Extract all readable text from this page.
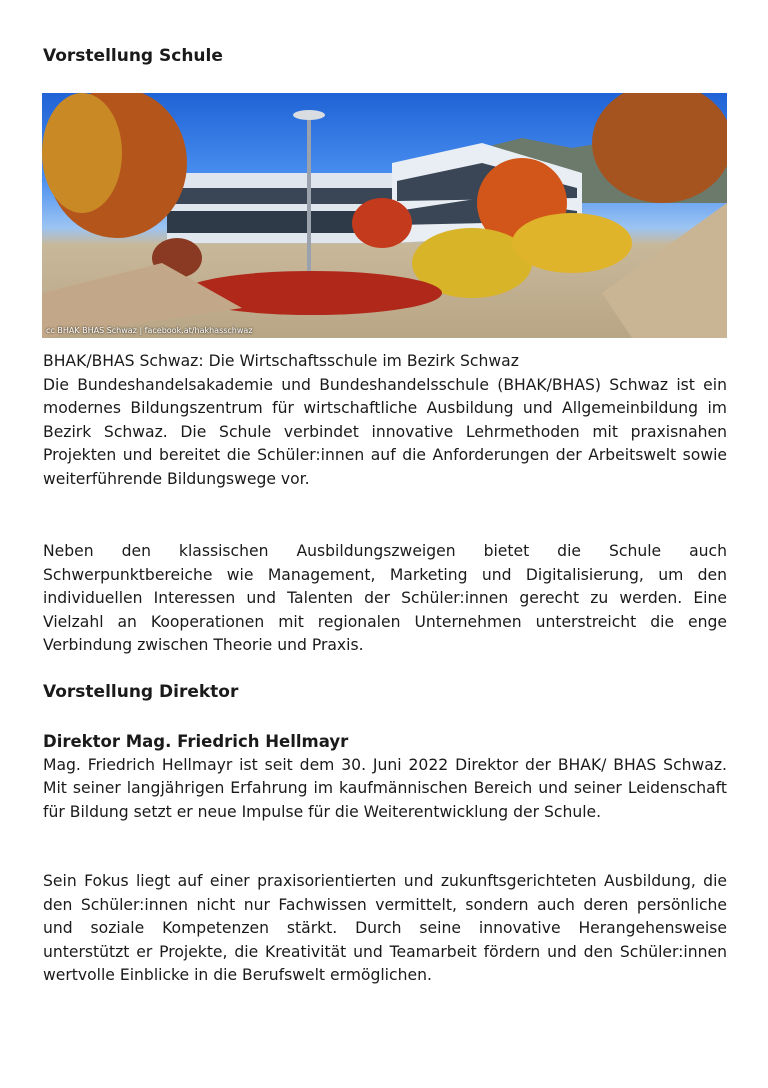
Vorstellung Schule
cc BHAK BHAS Schwaz | facebook.at/hakhasschwaz

BHAK/BHAS Schwaz: Die Wirtschaftsschule im Bezirk Schwaz
Die Bundeshandelsakademie und Bundeshandelsschule (BHAK/BHAS) Schwaz ist ein modernes Bildungszentrum für wirtschaftliche Ausbildung und Allgemeinbildung im Bezirk Schwaz. Die Schule verbindet innovative Lehrmethoden mit praxisnahen Projekten und bereitet die Schüler:innen auf die Anforderungen der Arbeitswelt sowie weiterführende Bildungswege vor.

Neben den klassischen Ausbildungszweigen bietet die Schule auch Schwerpunktbereiche wie Management, Marketing und Digitalisierung, um den individuellen Interessen und Talenten der Schüler:innen gerecht zu werden. Eine Vielzahl an Kooperationen mit regionalen Unternehmen unterstreicht die enge Verbindung zwischen Theorie und Praxis.

Vorstellung Direktor

Direktor Mag. Friedrich Hellmayr
Mag. Friedrich Hellmayr ist seit dem 30. Juni 2022 Direktor der BHAK/ BHAS Schwaz. Mit seiner langjährigen Erfahrung im kaufmännischen Bereich und seiner Leidenschaft für Bildung setzt er neue Impulse für die Weiterentwicklung der Schule.

Sein Fokus liegt auf einer praxisorientierten und zukunftsgerichteten Ausbildung, die den Schüler:innen nicht nur Fachwissen vermittelt, sondern auch deren persönliche und soziale Kompetenzen stärkt. Durch seine innovative Herangehensweise unterstützt er Projekte, die Kreativität und Teamarbeit fördern und den Schüler:innen wertvolle Einblicke in die Berufswelt ermöglichen.
